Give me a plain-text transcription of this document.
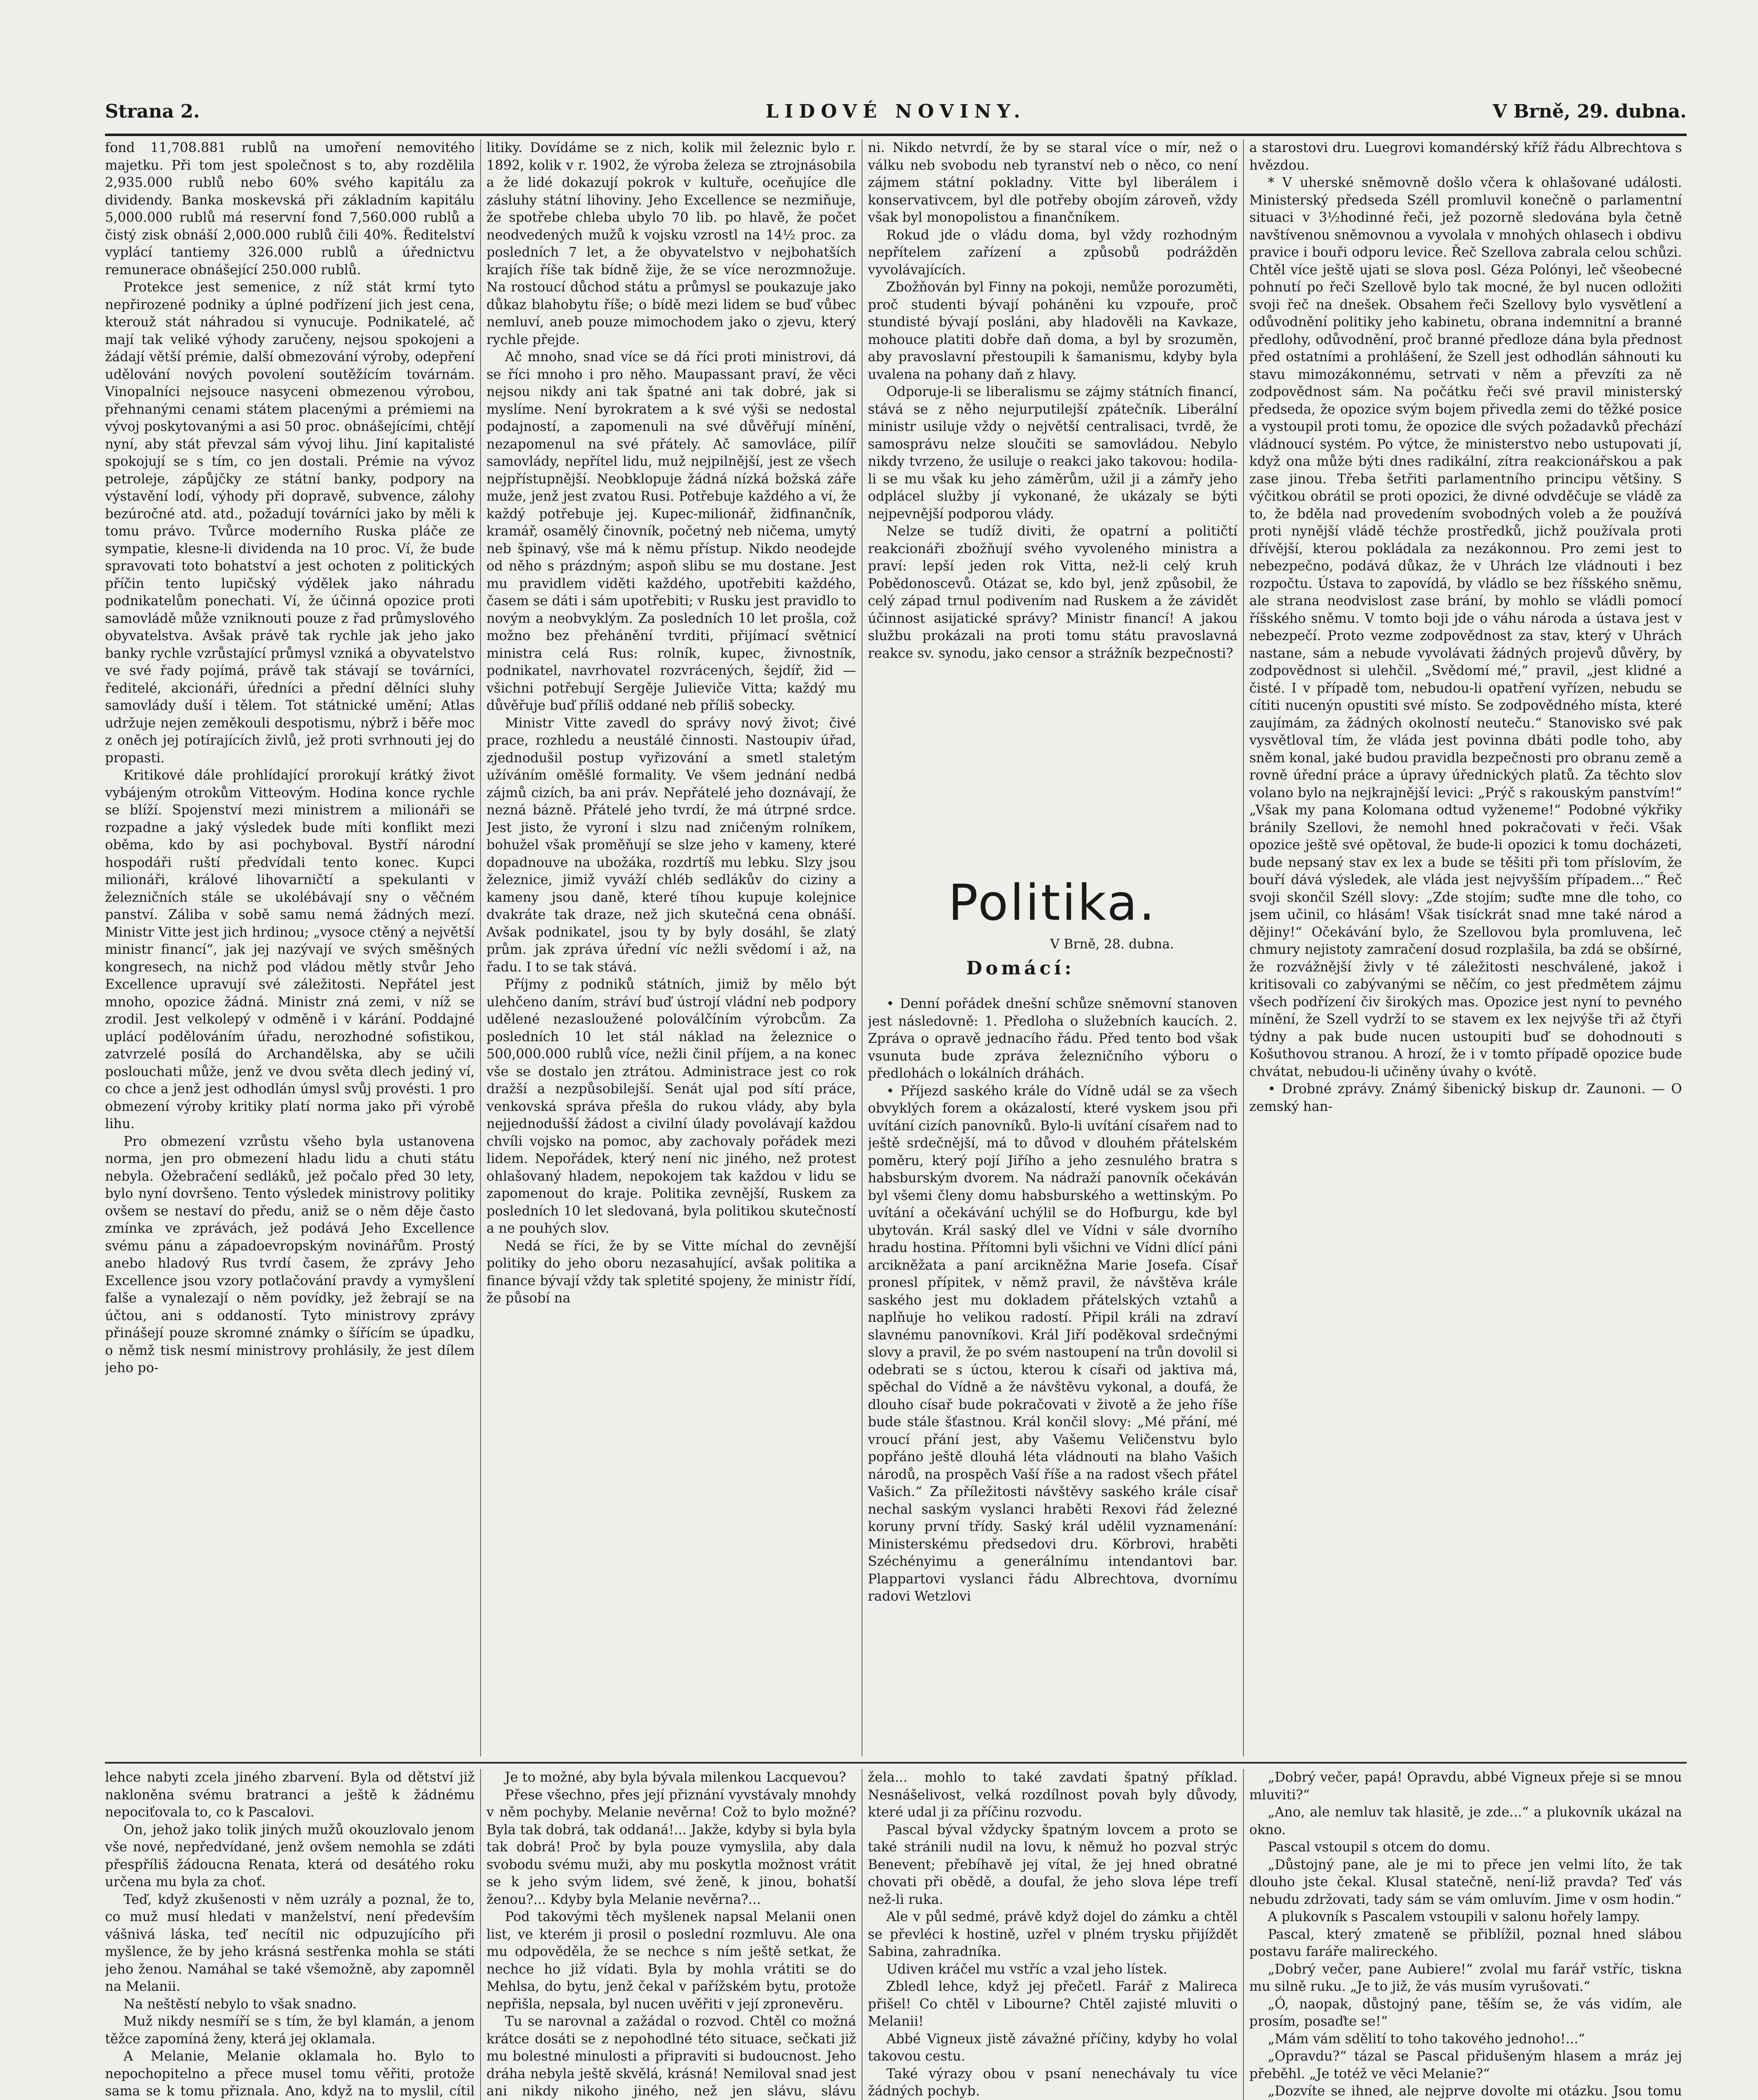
Strana 2.	LIDOVÉ NOVINY.	V Brně, 29. dubna.

fond 11,708.881 rublů na umoření nemovitého majetku. Při tom jest společnost s to, aby rozdělila 2,935.000 rublů nebo 60% svého kapitálu za dividendy. Banka moskevská při základním kapitálu 5,000.000 rublů má reservní fond 7,560.000 rublů a čistý zisk obnáší 2,000.000 rublů čili 40%. Ředitelství vyplácí tantiemy 326.000 rublů a úřednictvu remunerace obnášející 250.000 rublů.

Protekce jest semenice, z níž stát krmí tyto nepřirozené podniky a úplné podřízení jich jest cena, kterouž stát náhradou si vynucuje. Podnikatelé, ač mají tak veliké výhody zaručeny, nejsou spokojeni a žádají větší prémie, další obmezování výroby, odepření udělování nových povolení soutěžícím továrnám. Vinopalníci nejsouce nasyceni obmezenou výrobou, přehnanými cenami státem placenými a prémiemi na vývoj poskytovanými a asi 50 proc. obnášejícími, chtějí nyní, aby stát převzal sám vývoj lihu. Jiní kapitalisté spokojují se s tím, co jen dostali. Prémie na vývoz petroleje, zápůjčky ze státní banky, podpory na výstavění lodí, výhody při dopravě, subvence, zálohy bezúročné atd. atd., požadují továrníci jako by měli k tomu právo. Tvůrce moderního Ruska pláče ze sympatie, klesne-li dividenda na 10 proc. Ví, že bude spravovati toto bohatství a jest ochoten z politických příčin tento lupičský výdělek jako náhradu podnikatelům ponechati. Ví, že účinná opozice proti samovládě může vzniknouti pouze z řad průmyslového obyvatelstva. Avšak právě tak rychle jak jeho jako banky rychle vzrůstající průmysl vzniká a obyvatelstvo ve své řady pojímá, právě tak stávají se továrníci, ředitelé, akcionáři, úředníci a přední dělníci sluhy samovlády duší i tělem. Tot státnické umění; Atlas udržuje nejen zeměkouli despotismu, nýbrž i běře moc z oněch jej potírajících živlů, jež proti svrhnouti jej do propasti.

Kritikové dále prohlídající prorokují krátký život vybájeným otrokům Vitteovým. Hodina konce rychle se blíží. Spojenství mezi ministrem a milionáři se rozpadne a jaký výsledek bude míti konflikt mezi oběma, kdo by asi pochyboval. Bystří národní hospodáři ruští předvídali tento konec. Kupci milionáři, králové lihovarničtí a spekulanti v železničních stále se ukolébávají sny o věčném panství. Záliba v sobě samu nemá žádných mezí. Ministr Vitte jest jich hrdinou; „vysoce ctěný a největší ministr financí“, jak jej nazývají ve svých směšných kongresech, na nichž pod vládou mětly stvůr Jeho Excellence upravují své záležitosti. Nepřátel jest mnoho, opozice žádná. Ministr zná zemi, v níž se zrodil. Jest velkolepý v odměně i v kárání. Poddajné uplácí podělováním úřadu, nerozhodné sofistikou, zatvrzelé posílá do Archandělska, aby se učili poslouchati může, jenž ve dvou světa dlech jediný ví, co chce a jenž jest odhodlán úmysl svůj provésti. 1 pro obmezení výroby kritiky platí norma jako při výrobě lihu.

Pro obmezení vzrůstu všeho byla ustanovena norma, jen pro obmezení hladu lidu a chuti státu nebyla. Ožebračení sedláků, jež počalo před 30 lety, bylo nyní dovršeno. Tento výsledek ministrovy politiky ovšem se nestaví do předu, aniž se o něm děje často zmínka ve zprávách, jež podává Jeho Excellence svému pánu a západoevropským novinářům. Prostý anebo hladový Rus tvrdí časem, že zprávy Jeho Excellence jsou vzory potlačování pravdy a vymyšlení falše a vynalezají o něm povídky, jež žebrají se na účtou, ani s oddaností. Tyto ministrovy zprávy přinášejí pouze skromné známky o šířícím se úpadku, o němž tisk nesmí ministrovy prohlásily, že jest dílem jeho po-

litiky. Dovídáme se z nich, kolik mil železnic bylo r. 1892, kolik v r. 1902, že výroba železa se ztrojnásobila a že lidé dokazují pokrok v kultuře, oceňujíce dle zásluhy státní lihoviny. Jeho Excellence se nezmiňuje, že spotřebe chleba ubylo 70 lib. po hlavě, že počet neodvedených mužů k vojsku vzrostl na 14½ proc. za posledních 7 let, a že obyvatelstvo v nejbohatších krajích říše tak bídně žije, že se více nerozmnožuje. Na rostoucí důchod státu a průmysl se poukazuje jako důkaz blahobytu říše; o bídě mezi lidem se buď vůbec nemluví, aneb pouze mimochodem jako o zjevu, který rychle přejde.

Ač mnoho, snad více se dá říci proti ministrovi, dá se říci mnoho i pro něho. Maupassant praví, že věci nejsou nikdy ani tak špatné ani tak dobré, jak si myslíme. Není byrokratem a k své výši se nedostal podajností, a zapomenuli na své důvěřují mínění, nezapomenul na své přátely. Ač samovláce, pilíř samovlády, nepřítel lidu, muž nejpilnější, jest ze všech nejpřístupnější. Neobklopuje žádná nízká božská záře muže, jenž jest zvatou Rusi. Potřebuje každého a ví, že každý potřebuje jej. Kupec-milionář, židfinančník, kramář, osamělý činovník, početný neb ničema, umytý neb špinavý, vše má k němu přístup. Nikdo neodejde od něho s prázdným; aspoň slibu se mu dostane. Jest mu pravidlem viděti každého, upotřebiti každého, časem se dáti i sám upotřebiti; v Rusku jest pravidlo to novým a neobvyklým. Za posledních 10 let prošla, což možno bez přehánění tvrditi, přijímací světnicí ministra celá Rus: rolník, kupec, živnostník, podnikatel, navrhovatel rozvrácených, šejdíř, žid — všichni potřebují Sergěje Julieviče Vitta; každý mu důvěřuje buď příliš oddané neb příliš sobecky.

Ministr Vitte zavedl do správy nový život; čivé prace, rozhledu a neustálé činnosti. Nastoupiv úřad, zjednodušil postup vyřizování a smetl staletým užíváním oměšlé formality. Ve všem jednání nedbá zájmů cizích, ba ani práv. Nepřátelé jeho doznávají, že nezná bázně. Přátelé jeho tvrdí, že má útrpné srdce. Jest jisto, že vyroní i slzu nad zničeným rolníkem, bohužel však proměňují se slze jeho v kameny, které dopadnouve na ubožáka, rozdrtíš mu lebku. Slzy jsou železnice, jimiž vyváží chléb sedlákův do ciziny a kameny jsou daně, které tíhou kupuje kolejnice dvakráte tak draze, než jich skutečná cena obnáší. Avšak podnikatel, jsou ty by byly dosáhl, še zlatý prům. jak zpráva úřední víc nežli svědomí i až, na řadu. I to se tak stává.

Příjmy z podniků státních, jimiž by mělo být ulehčeno daním, stráví buď ústrojí vládní neb podpory udělené nezasloužené poloválčíním výrobcům. Za posledních 10 let stál náklad na železnice o 500,000.000 rublů více, nežli činil příjem, a na konec vše se dostalo jen ztrátou. Administrace jest co rok dražší a nezpůsobilejší. Senát ujal pod sítí práce, venkovská správa přešla do rukou vlády, aby byla nejjednodušší žádost a civilní úlady povolávají každou chvíli vojsko na pomoc, aby zachovaly pořádek mezi lidem. Nepořádek, který není nic jiného, než protest ohlašovaný hladem, nepokojem tak každou v lidu se zapomenout do kraje. Politika zevnější, Ruskem za posledních 10 let sledovaná, byla politikou skutečností a ne pouhých slov.

Nedá se říci, že by se Vitte míchal do zevnější politiky do jeho oboru nezasahující, avšak politika a finance bývají vždy tak spletité spojeny, že ministr řídí, že působí na

ni. Nikdo netvrdí, že by se staral více o mír, než o válku neb svobodu neb tyranství neb o něco, co není zájmem státní pokladny. Vitte byl liberálem i konservativcem, byl dle potřeby obojím zároveň, vždy však byl monopolistou a finančníkem.

Rokud jde o vládu doma, byl vždy rozhodným nepřítelem zařízení a způsobů podrážděn vyvolávajících.

Zbožňován byl Finny na pokoji, nemůže porozuměti, proč studenti bývají poháněni ku vzpouře, proč stundisté bývají posláni, aby hladověli na Kavkaze, mohouce platiti dobře daň doma, a byl by srozuměn, aby pravoslavní přestoupili k šamanismu, kdyby byla uvalena na pohany daň z hlavy.

Odporuje-li se liberalismu se zájmy státních financí, stává se z něho nejurputilejší zpátečník. Liberální ministr usiluje vždy o největší centralisaci, tvrdě, že samosprávu nelze sloučiti se samovládou. Nebylo nikdy tvrzeno, že usiluje o reakci jako takovou: hodila-li se mu však ku jeho záměrům, užil ji a zámřy jeho odplácel služby jí vykonané, že ukázaly se býti nejpevnější podporou vlády.

Nelze se tudíž diviti, že opatrní a političtí reakcionáři zbožňují svého vyvoleného ministra a praví: lepší jeden rok Vitta, než-li celý kruh Pobědonoscevů. Otázat se, kdo byl, jenž způsobil, že celý západ trnul podivením nad Ruskem a že závidět účinnost asijatické správy? Ministr financí! A jakou službu prokázali na proti tomu státu pravoslavná reakce sv. synodu, jako censor a strážník bezpečnosti?

Politika.
V Brně, 28. dubna.
Domácí:

• Denní pořádek dnešní schůze sněmovní stanoven jest následovně: 1. Předloha o služebních kaucích. 2. Zpráva o opravě jednacího řádu. Před tento bod však vsunuta bude zpráva železničního výboru o předlohách o lokálních dráhách.

• Příjezd saského krále do Vídně udál se za všech obvyklých forem a okázalostí, které vyskem jsou při uvítání cizích panovníků. Bylo-li uvítání císařem nad to ještě srdečnější, má to důvod v dlouhém přátelském poměru, který pojí Jiřího a jeho zesnulého bratra s habsburským dvorem. Na nádraží panovník očekáván byl všemi členy domu habsburského a wettinským. Po uvítání a očekávání uchýlil se do Hofburgu, kde byl ubytován. Král saský dlel ve Vídni v sále dvorního hradu hostina. Přítomni byli všichni ve Vídni dlící páni arcikněžata a paní arcikněžna Marie Josefa. Císař pronesl přípitek, v němž pravil, že návštěva krále saského jest mu dokladem přátelských vztahů a naplňuje ho velikou radostí. Připil králi na zdraví slavnému panovníkovi. Král Jiří poděkoval srdečnými slovy a pravil, že po svém nastoupení na trůn dovolil si odebrati se s úctou, kterou k císaři od jaktiva má, spěchal do Vídně a že návštěvu vykonal, a doufá, že dlouho císař bude pokračovati v životě a že jeho říše bude stále šťastnou. Král končil slovy: „Mé přání, mé vroucí přání jest, aby Vašemu Veličenstvu bylo popřáno ještě dlouhá léta vládnouti na blaho Vašich národů, na prospěch Vaší říše a na radost všech přátel Vašich.“ Za příležitosti návštěvy saského krále císař nechal saským vyslanci hraběti Rexovi řád železné koruny první třídy. Saský král udělil vyznamenání: Ministerskému předsedovi dru. Körbrovi, hraběti Széchényimu a generálnímu intendantovi bar. Plappartovi vyslanci řádu Albrechtova, dvornímu radovi Wetzlovi

a starostovi dru. Luegrovi komandérský kříž řádu Albrechtova s hvězdou.

* V uherské sněmovně došlo včera k ohlašované události. Ministerský předseda Széll promluvil konečně o parlamentní situaci v 3½hodinné řeči, jež pozorně sledována byla četně navštívenou sněmovnou a vyvolala v mnohých ohlasech i obdivu pravice i bouři odporu levice. Řeč Szellova zabrala celou schůzi. Chtěl více ještě ujati se slova posl. Géza Polónyi, leč všeobecné pohnutí po řeči Szellově bylo tak mocné, že byl nucen odložiti svoji řeč na dnešek. Obsahem řeči Szellovy bylo vysvětlení a odůvodnění politiky jeho kabinetu, obrana indemnitní a branné předlohy, odůvodnění, proč branné předloze dána byla přednost před ostatními a prohlášení, že Szell jest odhodlán sáhnouti ku stavu mimozákonnému, setrvati v něm a převzíti za ně zodpovědnost sám. Na počátku řeči své pravil ministerský předseda, že opozice svým bojem přivedla zemi do těžké posice a vystoupil proti tomu, že opozice dle svých požadavků přechází vládnoucí systém. Po výtce, že ministerstvo nebo ustupovati jí, když ona může býti dnes radikální, zítra reakcionářskou a pak zase jinou. Třeba šetřiti parlamentního principu většiny. S výčitkou obrátil se proti opozici, že divné odvděčuje se vládě za to, že bděla nad provedením svobodných voleb a že používá proti nynější vládě téchže prostředků, jichž používala proti dřívější, kterou pokládala za nezákonnou. Pro zemi jest to nebezpečno, podává důkaz, že v Uhrách lze vládnouti i bez rozpočtu. Ústava to zapovídá, by vládlo se bez říšského sněmu, ale strana neodvislost zase brání, by mohlo se vládli pomocí říšského sněmu. V tomto boji jde o váhu národa a ústava jest v nebezpečí. Proto vezme zodpovědnost za stav, který v Uhrách nastane, sám a nebude vyvolávati žádných projevů důvěry, by zodpovědnost si ulehčil. „Svědomí mé,“ pravil, „jest klidné a čisté. I v případě tom, nebudou-li opatření vyřízen, nebudu se cítiti nucenýn opustiti své místo. Se zodpovědného místa, které zaujímám, za žádných okolností neuteču.“ Stanovisko své pak vysvětloval tím, že vláda jest povinna dbáti podle toho, aby sněm konal, jaké budou pravidla bezpečnosti pro obranu země a rovně úřední práce a úpravy úřednických platů. Za těchto slov volano bylo na nejkrajnější levici: „Prýč s rakouským panstvím!“ „Však my pana Kolomana odtud vyženeme!“ Podobné výkřiky bránily Szellovi, že nemohl hned pokračovati v řeči. Však opozice ještě své opětoval, že bude-li opozici k tomu docházeti, bude nepsaný stav ex lex a bude se těšiti při tom příslovím, že bouří dává výsledek, ale vláda jest nejvyšším případem...“ Řeč svoji skončil Széll slovy: „Zde stojím; suďte mne dle toho, co jsem učinil, co hlásám! Však tisíckrát snad mne také národ a dějiny!“ Očekávání bylo, že Szellovou byla promluvena, leč chmury nejistoty zamračení dosud rozplašila, ba zdá se obšírné, že rozvážnější živly v té záležitosti neschválené, jakož i kritisovali co zabývanými se něčím, co jest předmětem zájmu všech podřízení čiv širokých mas. Opozice jest nyní to pevného mínění, že Szell vydrží to se stavem ex lex nejvýše tři až čtyři týdny a pak bude nucen ustoupiti buď se dohodnouti s Košuthovou stranou. A hrozí, že i v tomto případě opozice bude chvátat, nebudou-li učiněny úvahy o kvótě.

• Drobné zprávy. Známý šibenický biskup dr. Zaunoni. — O zemský han-

lehce nabyti zcela jiného zbarvení. Byla od dětství již nakloněna svému bratranci a ještě k žádnému nepociťovala to, co k Pascalovi.

On, jehož jako tolik jiných mužů okouzlovalo jenom vše nové, nepředvídané, jenž ovšem nemohla se zdáti přespříliš žádoucna Renata, která od desátého roku určena mu byla za choť.

Teď, když zkušenosti v něm uzrály a poznal, že to, co muž musí hledati v manželství, není především vášnivá láska, teď necítil nic odpuzujícího při myšlence, že by jeho krásná sestřenka mohla se státi jeho ženou. Namáhal se také všemožně, aby zapomněl na Melanii.

Na neštěstí nebylo to však snadno.

Muž nikdy nesmíří se s tím, že byl klamán, a jenom těžce zapomíná ženy, která jej oklamala.

A Melanie, Melanie oklamala ho. Bylo to nepochopitelno a přece musel tomu věřiti, protože sama se k tomu přiznala. Ano, když na to myslil, cítil

Je to možné, aby byla bývala milenkou Lacquevou?

Přese všechno, přes její přiznání vyvstávaly mnohdy v něm pochyby. Melanie nevěrna! Což to bylo možné? Byla tak dobrá, tak oddaná!... Jakže, kdyby si byla byla tak dobrá! Proč by byla pouze vymyslila, aby dala svobodu svému muži, aby mu poskytla možnost vrátit se k jeho svým lidem, své ženě, k jinou, bohatší ženou?... Kdyby byla Melanie nevěrna?...

Pod takovými těch myšlenek napsal Melanii onen list, ve kterém ji prosil o poslední rozmluvu. Ale ona mu odpověděla, že se nechce s ním ještě setkat, že nechce ho již vídati. Byla by mohla vrátiti se do Mehlsa, do bytu, jenž čekal v pařížském bytu, protože nepřišla, nepsala, byl nucen uvěřiti v její zpronevěru.

Tu se narovnal a zažádal o rozvod. Chtěl co možná krátce dosáti se z nepohodlné této situace, sečkati již mu bolestné minulosti a připraviti si budoucnost. Jeho dráha nebyla ještě skvělá, krásná! Nemiloval snad jest ani nikdy nikoho jiného, než jen slávu, slávu

žela... mohlo to také zavdati špatný příklad. Nesnášelivost, velká rozdílnost povah byly důvody, které udal ji za příčinu rozvodu.

Pascal býval vždycky špatným lovcem a proto se také stránili nudil na lovu, k němuž ho pozval strýc Benevent; přebíhavě jej vítal, že jej hned obratné chovati při obědě, a doufal, že jeho slova lépe trefí než-li ruka.

Ale v půl sedmé, právě když dojel do zámku a chtěl se převléci k hostině, uzřel v plném trysku přijíždět Sabina, zahradníka.

Udiven kráčel mu vstříc a vzal jeho lístek.

Zbledl lehce, když jej přečetl. Farář z Malireca přišel! Co chtěl v Libourne? Chtěl zajisté mluviti o Melanii!

Abbé Vigneux jistě závažné příčiny, kdyby ho volal takovou cestu.

Také výrazy obou v psaní nenechávaly tu více žádných pochyb.

„Dobrý večer, papá! Opravdu, abbé Vigneux přeje si se mnou mluviti?“

„Ano, ale nemluv tak hlasitě, je zde...“ a plukovník ukázal na okno.

Pascal vstoupil s otcem do domu.

„Důstojný pane, ale je mi to přece jen velmi líto, že tak dlouho jste čekal. Klusal statečně, není-liž pravda? Teď vás nebudu zdržovati, tady sám se vám omluvím. Jime v osm hodin.“

A plukovník s Pascalem vstoupili v salonu hořely lampy.

Pascal, který zmateně se přiblížil, poznal hned slábou postavu faráře malireckého.

„Dobrý večer, pane Aubiere!“ zvolal mu farář vstříc, tiskna mu silně ruku. „Je to již, že vás musím vyrušovati.“

„Ó, naopak, důstojný pane, těším se, že vás vidím, ale prosím, posaďte se!“

„Mám vám sdělití to toho takového jednoho!...“

„Opravdu?“ tázal se Pascal přidušeným hlasem a mráz jej přeběhl. „Je totéž ve věci Melanie?“

„Dozvíte se ihned, ale nejprve dovolte mi otázku. Jsou tomu
